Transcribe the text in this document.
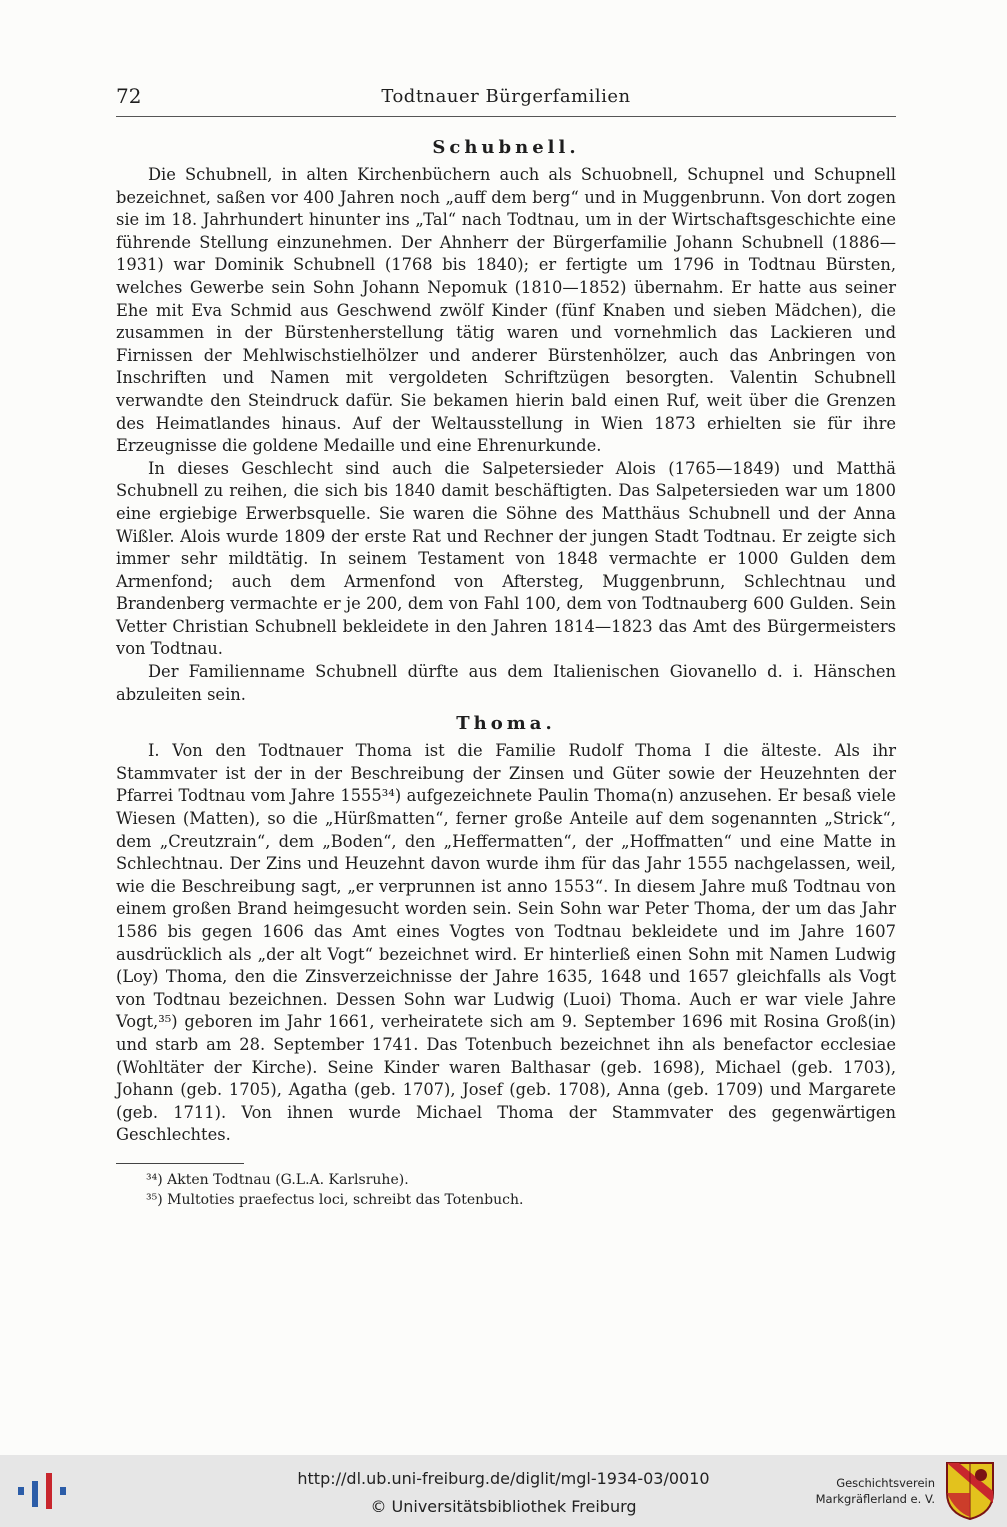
72	Todtnauer Bürgerfamilien
Schubnell.

Die Schubnell, in alten Kirchenbüchern auch als Schuobnell, Schupnel und Schupnell bezeichnet, saßen vor 400 Jahren noch „auff dem berg“ und in Muggenbrunn. Von dort zogen sie im 18. Jahrhundert hinunter ins „Tal“ nach Todtnau, um in der Wirtschaftsgeschichte eine führende Stellung einzunehmen. Der Ahnherr der Bürgerfamilie Johann Schubnell (1886—1931) war Dominik Schubnell (1768 bis 1840); er fertigte um 1796 in Todtnau Bürsten, welches Gewerbe sein Sohn Johann Nepomuk (1810—1852) übernahm. Er hatte aus seiner Ehe mit Eva Schmid aus Geschwend zwölf Kinder (fünf Knaben und sieben Mädchen), die zusammen in der Bürstenherstellung tätig waren und vornehmlich das Lackieren und Firnissen der Mehlwischstielhölzer und anderer Bürstenhölzer, auch das Anbringen von Inschriften und Namen mit vergoldeten Schriftzügen besorgten. Valentin Schubnell verwandte den Steindruck dafür. Sie bekamen hierin bald einen Ruf, weit über die Grenzen des Heimatlandes hinaus. Auf der Weltausstellung in Wien 1873 erhielten sie für ihre Erzeugnisse die goldene Medaille und eine Ehrenurkunde.

In dieses Geschlecht sind auch die Salpetersieder Alois (1765—1849) und Matthä Schubnell zu reihen, die sich bis 1840 damit beschäftigten. Das Salpetersieden war um 1800 eine ergiebige Erwerbsquelle. Sie waren die Söhne des Matthäus Schubnell und der Anna Wißler. Alois wurde 1809 der erste Rat und Rechner der jungen Stadt Todtnau. Er zeigte sich immer sehr mildtätig. In seinem Testament von 1848 vermachte er 1000 Gulden dem Armenfond; auch dem Armenfond von Aftersteg, Muggenbrunn, Schlechtnau und Brandenberg vermachte er je 200, dem von Fahl 100, dem von Todtnauberg 600 Gulden. Sein Vetter Christian Schubnell bekleidete in den Jahren 1814—1823 das Amt des Bürgermeisters von Todtnau.

Der Familienname Schubnell dürfte aus dem Italienischen Giovanello d. i. Hänschen abzuleiten sein.

Thoma.

I. Von den Todtnauer Thoma ist die Familie Rudolf Thoma I die älteste. Als ihr Stammvater ist der in der Beschreibung der Zinsen und Güter sowie der Heuzehnten der Pfarrei Todtnau vom Jahre 1555³⁴) aufgezeichnete Paulin Thoma(n) anzusehen. Er besaß viele Wiesen (Matten), so die „Hürßmatten“, ferner große Anteile auf dem sogenannten „Strick“, dem „Creutzrain“, dem „Boden“, den „Heffermatten“, der „Hoffmatten“ und eine Matte in Schlechtnau. Der Zins und Heuzehnt davon wurde ihm für das Jahr 1555 nachgelassen, weil, wie die Beschreibung sagt, „er verprunnen ist anno 1553“. In diesem Jahre muß Todtnau von einem großen Brand heimgesucht worden sein. Sein Sohn war Peter Thoma, der um das Jahr 1586 bis gegen 1606 das Amt eines Vogtes von Todtnau bekleidete und im Jahre 1607 ausdrücklich als „der alt Vogt“ bezeichnet wird. Er hinterließ einen Sohn mit Namen Ludwig (Loy) Thoma, den die Zinsverzeichnisse der Jahre 1635, 1648 und 1657 gleichfalls als Vogt von Todtnau bezeichnen. Dessen Sohn war Ludwig (Luoi) Thoma. Auch er war viele Jahre Vogt,³⁵) geboren im Jahr 1661, verheiratete sich am 9. September 1696 mit Rosina Groß(in) und starb am 28. September 1741. Das Totenbuch bezeichnet ihn als benefactor ecclesiae (Wohltäter der Kirche). Seine Kinder waren Balthasar (geb. 1698), Michael (geb. 1703), Johann (geb. 1705), Agatha (geb. 1707), Josef (geb. 1708), Anna (geb. 1709) und Margarete (geb. 1711). Von ihnen wurde Michael Thoma der Stammvater des gegenwärtigen Geschlechtes.

³⁴) Akten Todtnau (G.L.A. Karlsruhe).
³⁵) Multoties praefectus loci, schreibt das Totenbuch.
http://dl.ub.uni-freiburg.de/diglit/mgl-1934-03/0010
© Universitätsbibliothek Freiburg
Geschichtsverein
Markgräflerland e. V.
